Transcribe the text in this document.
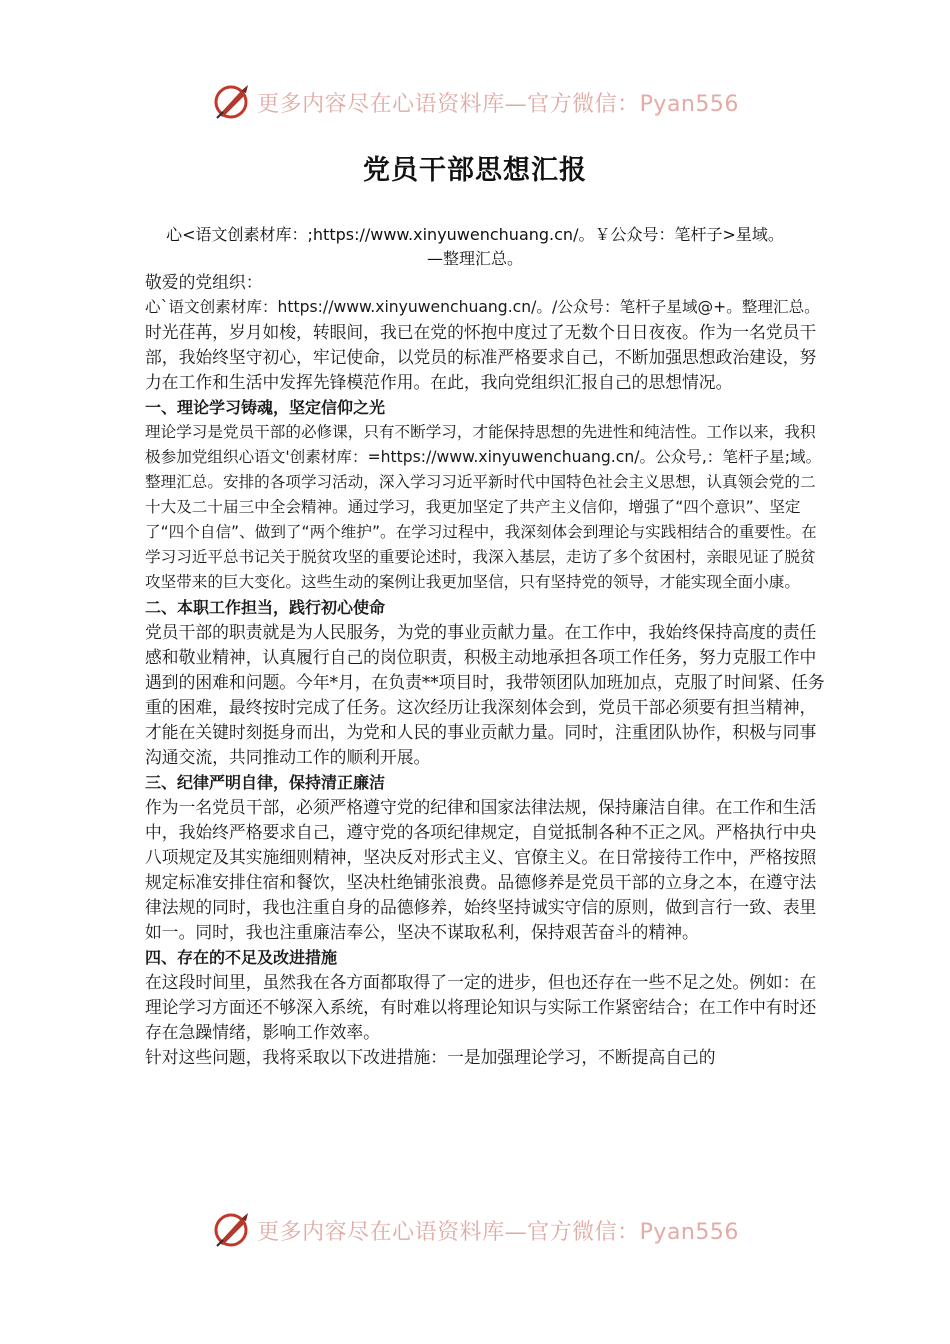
更多内容尽在心语资料库—官方微信：Pyan556
党员干部思想汇报
心<语文创素材库：;https://www.xinyuwenchuang.cn/。￥公众号：笔杆子>星域。
—整理汇总。

敬爱的党组织：

心`语文创素材库：https://www.xinyuwenchuang.cn/。/公众号：笔杆子星域@+。整理汇总。

时光荏苒，岁月如梭，转眼间，我已在党的怀抱中度过了无数个日日夜夜。作为一名党员干部，我始终坚守初心，牢记使命，以党员的标准严格要求自己，不断加强思想政治建设，努力在工作和生活中发挥先锋模范作用。在此，我向党组织汇报自己的思想情况。

一、理论学习铸魂，坚定信仰之光

理论学习是党员干部的必修课，只有不断学习，才能保持思想的先进性和纯洁性。工作以来，我积极参加党组织心语文'创素材库：=https://www.xinyuwenchuang.cn/。公众号,：笔杆子星;域。整理汇总。安排的各项学习活动，深入学习习近平新时代中国特色社会主义思想，认真领会党的二十大及二十届三中全会精神。通过学习，我更加坚定了共产主义信仰，增强了“四个意识”、坚定了“四个自信”、做到了“两个维护”。在学习过程中，我深刻体会到理论与实践相结合的重要性。在学习习近平总书记关于脱贫攻坚的重要论述时，我深入基层，走访了多个贫困村，亲眼见证了脱贫攻坚带来的巨大变化。这些生动的案例让我更加坚信，只有坚持党的领导，才能实现全面小康。

二、本职工作担当，践行初心使命

党员干部的职责就是为人民服务，为党的事业贡献力量。在工作中，我始终保持高度的责任感和敬业精神，认真履行自己的岗位职责，积极主动地承担各项工作任务，努力克服工作中遇到的困难和问题。今年*月，在负责**项目时，我带领团队加班加点，克服了时间紧、任务重的困难，最终按时完成了任务。这次经历让我深刻体会到，党员干部必须要有担当精神，才能在关键时刻挺身而出，为党和人民的事业贡献力量。同时，注重团队协作，积极与同事沟通交流，共同推动工作的顺利开展。

三、纪律严明自律，保持清正廉洁

作为一名党员干部，必须严格遵守党的纪律和国家法律法规，保持廉洁自律。在工作和生活中，我始终严格要求自己，遵守党的各项纪律规定，自觉抵制各种不正之风。严格执行中央八项规定及其实施细则精神，坚决反对形式主义、官僚主义。在日常接待工作中，严格按照规定标准安排住宿和餐饮，坚决杜绝铺张浪费。品德修养是党员干部的立身之本，在遵守法律法规的同时，我也注重自身的品德修养，始终坚持诚实守信的原则，做到言行一致、表里如一。同时，我也注重廉洁奉公，坚决不谋取私利，保持艰苦奋斗的精神。

四、存在的不足及改进措施

在这段时间里，虽然我在各方面都取得了一定的进步，但也还存在一些不足之处。例如：在理论学习方面还不够深入系统，有时难以将理论知识与实际工作紧密结合；在工作中有时还存在急躁情绪，影响工作效率。

针对这些问题，我将采取以下改进措施：一是加强理论学习，不断提高自己的

更多内容尽在心语资料库—官方微信：Pyan556
